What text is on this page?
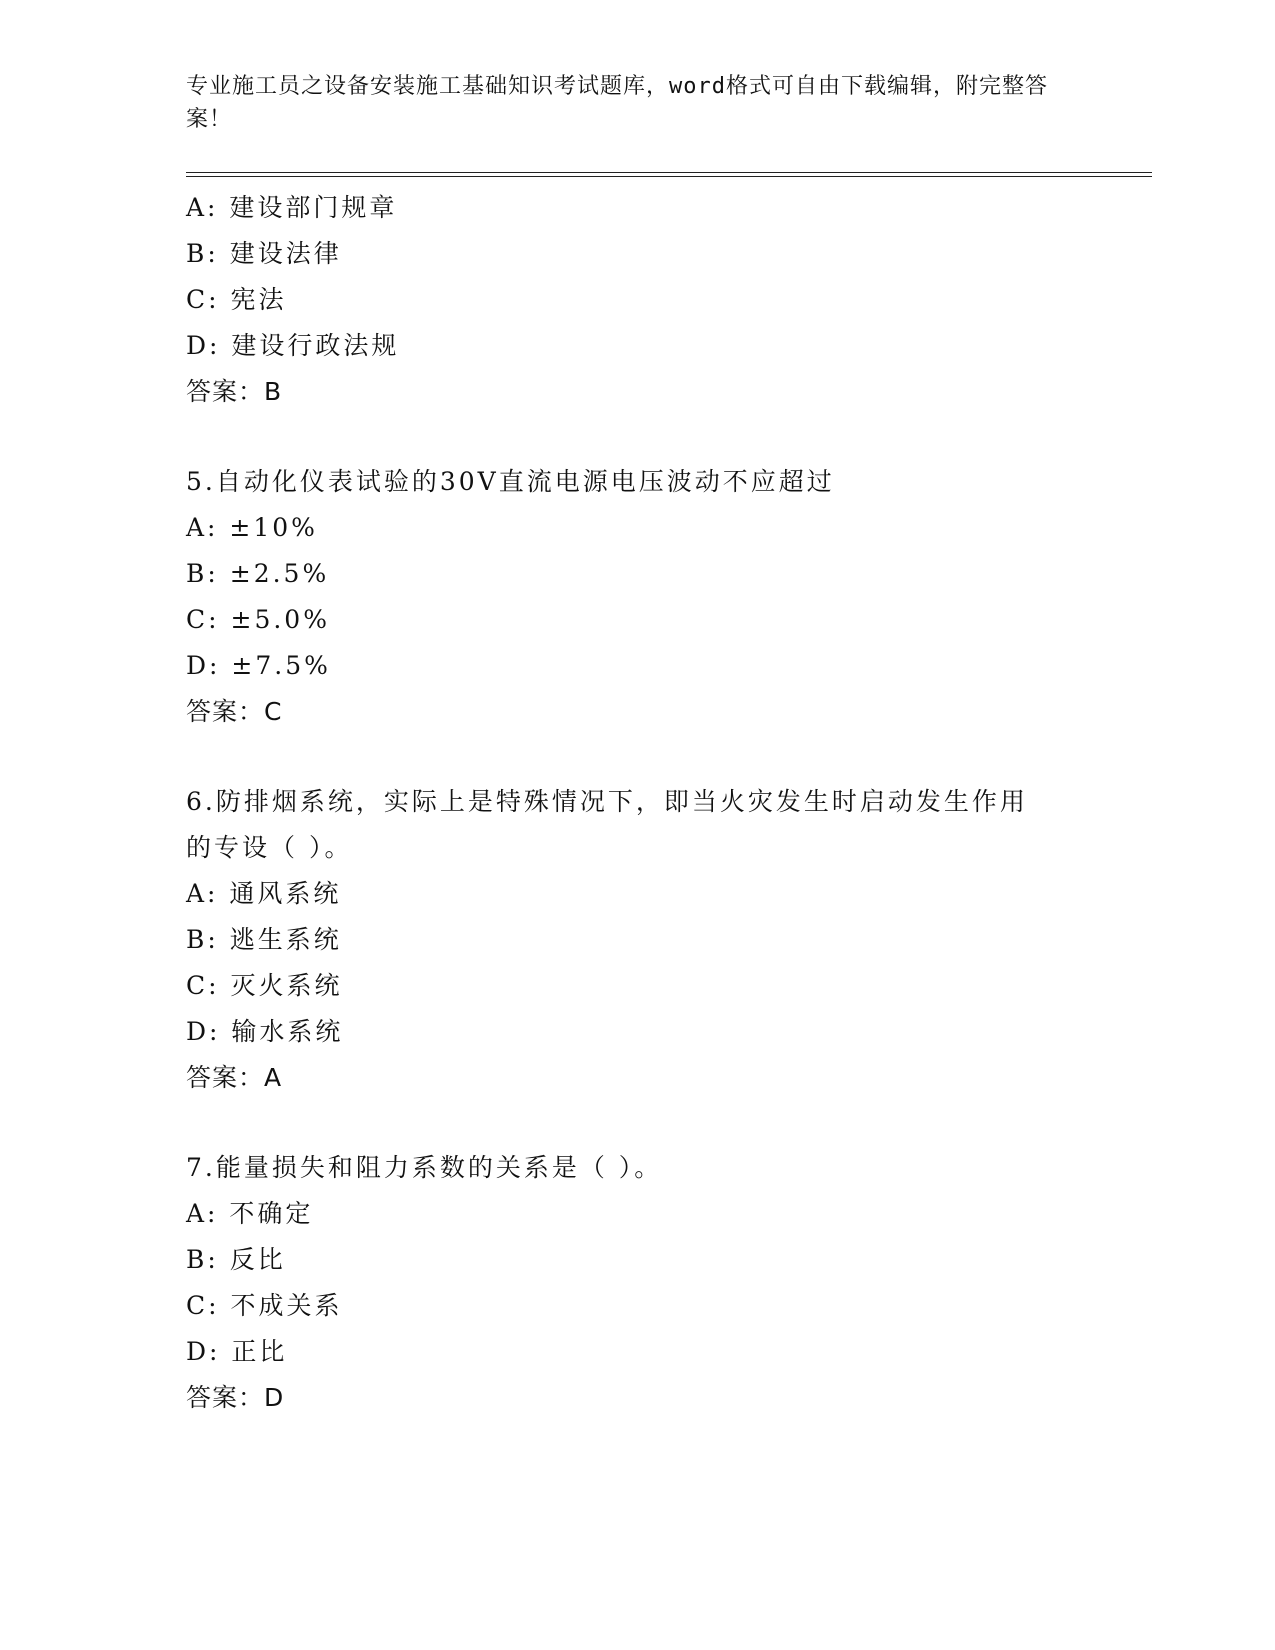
专业施工员之设备安装施工基础知识考试题库，word格式可自由下载编辑，附完整答案！

A: 建设部门规章
B: 建设法律
C: 宪法
D: 建设行政法规
答案：B
5.自动化仪表试验的30V直流电源电压波动不应超过
A: ±10%
B: ±2.5%
C: ±5.0%
D: ±7.5%
答案：C
6.防排烟系统，实际上是特殊情况下，即当火灾发生时启动发生作用的专设（ ）。
A: 通风系统
B: 逃生系统
C: 灭火系统
D: 输水系统
答案：A
7.能量损失和阻力系数的关系是（ ）。
A: 不确定
B: 反比
C: 不成关系
D: 正比
答案：D
